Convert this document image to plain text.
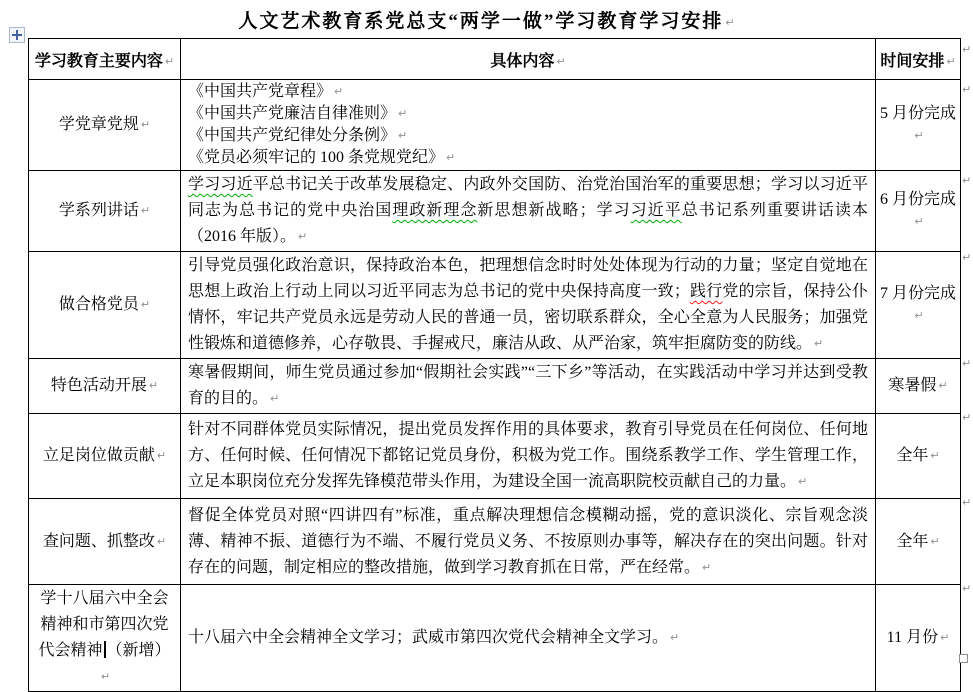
人文艺术教育系党总支“两学一做”学习教育学习安排 ↵
学习教育主要内容 ↵	具体内容 ↵	时间安排 ↵
学党章党规 ↵	《中国共产党章程》 ↵

《中国共产党廉洁自律准则》 ↵

《中国共产党纪律处分条例》 ↵

《党员必须牢记的 100 条党规党纪》 ↵	5 月份完成↵
学系列讲话 ↵	学习习近平总书记关于改革发展稳定、内政外交国防、治党治国治军的重要思想；学习以习近平同志为总书记的党中央治国理政新理念新思想新战略；学习习近平总书记系列重要讲话读本（2016 年版）。 ↵	6 月份完成↵
做合格党员 ↵	引导党员强化政治意识，保持政治本色，把理想信念时时处处体现为行动的力量；坚定自觉地在思想上政治上行动上同以习近平同志为总书记的党中央保持高度一致；践行党的宗旨，保持公仆情怀，牢记共产党员永远是劳动人民的普通一员，密切联系群众，全心全意为人民服务；加强党性锻炼和道德修养，心存敬畏、手握戒尺，廉洁从政、从严治家，筑牢拒腐防变的防线。 ↵	7 月份完成↵
特色活动开展 ↵	寒暑假期间，师生党员通过参加“假期社会实践”“三下乡”等活动，在实践活动中学习并达到受教育的目的。 ↵	寒暑假 ↵
立足岗位做贡献 ↵	针对不同群体党员实际情况，提出党员发挥作用的具体要求，教育引导党员在任何岗位、任何地方、任何时候、任何情况下都铭记党员身份，积极为党工作。围绕系教学工作、学生管理工作，立足本职岗位充分发挥先锋模范带头作用，为建设全国一流高职院校贡献自己的力量。 ↵	全年 ↵
查问题、抓整改 ↵	督促全体党员对照“四讲四有”标准，重点解决理想信念模糊动摇，党的意识淡化、宗旨观念淡薄、精神不振、道德行为不端、不履行党员义务、不按原则办事等，解决存在的突出问题。针对存在的问题，制定相应的整改措施，做到学习教育抓在日常，严在经常。 ↵	全年 ↵
学十八届六中全会精神和市第四次党代会精神 （新增）↵	十八届六中全会精神全文学习；武威市第四次党代会精神全文学习。 ↵	11 月份 ↵
↵
↵
↵
↵
↵
↵
↵
↵
